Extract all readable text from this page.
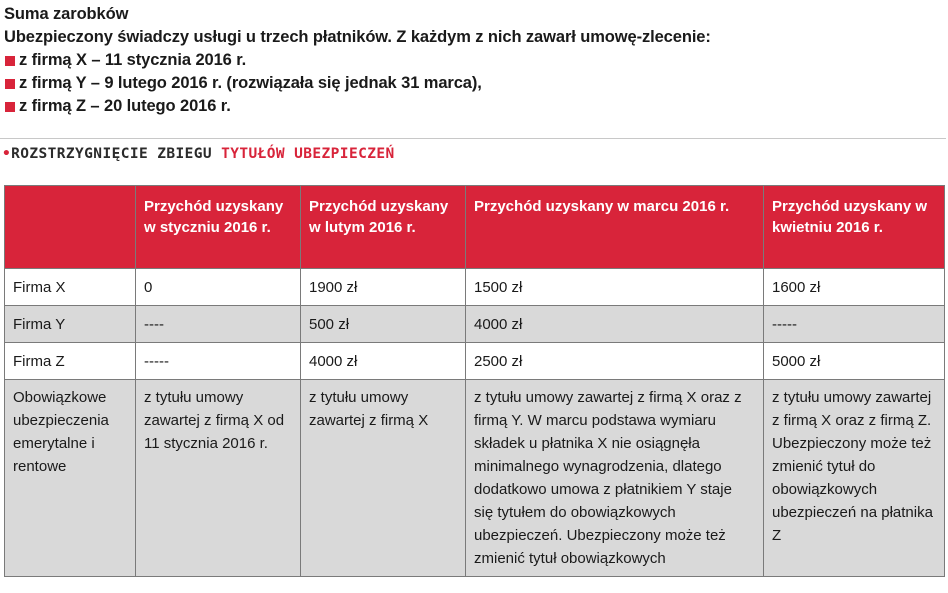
Suma zarobków
Ubezpieczony świadczy usługi u trzech płatników. Z każdym z nich zawarł umowę-zlecenie:
z firmą X – 11 stycznia 2016 r.
z firmą Y – 9 lutego 2016 r. (rozwiązała się jednak 31 marca),
z firmą Z – 20 lutego 2016 r.
•ROZSTRZYGNIĘCIE ZBIEGU TYTUŁÓW UBEZPIECZEŃ
	Przychód uzyskany w styczniu 2016 r.	Przychód uzyskany w lutym 2016 r.	Przychód uzyskany w marcu 2016 r.	Przychód uzyskany w kwietniu 2016 r.
Firma X	0	1900 zł	1500 zł	1600 zł
Firma Y	----	500 zł	4000 zł	-----
Firma Z	-----	4000 zł	2500 zł	5000 zł
Obowiązkowe ubezpieczenia emerytalne i rentowe	z tytułu umowy zawartej z firmą X od 11 stycznia 2016 r.	z tytułu umowy zawartej z firmą X	z tytułu umowy zawartej z firmą X oraz z firmą Y. W marcu podstawa wymiaru składek u płatnika X nie osiągnęła minimalnego wynagrodzenia, dlatego dodatkowo umowa z płatnikiem Y staje się tytułem do obowiązkowych ubezpieczeń. Ubezpieczony może też zmienić tytuł obowiązkowych	z tytułu umowy zawartej z firmą X oraz z firmą Z. Ubezpieczony może też zmienić tytuł do obowiązkowych ubezpieczeń na płatnika Z
